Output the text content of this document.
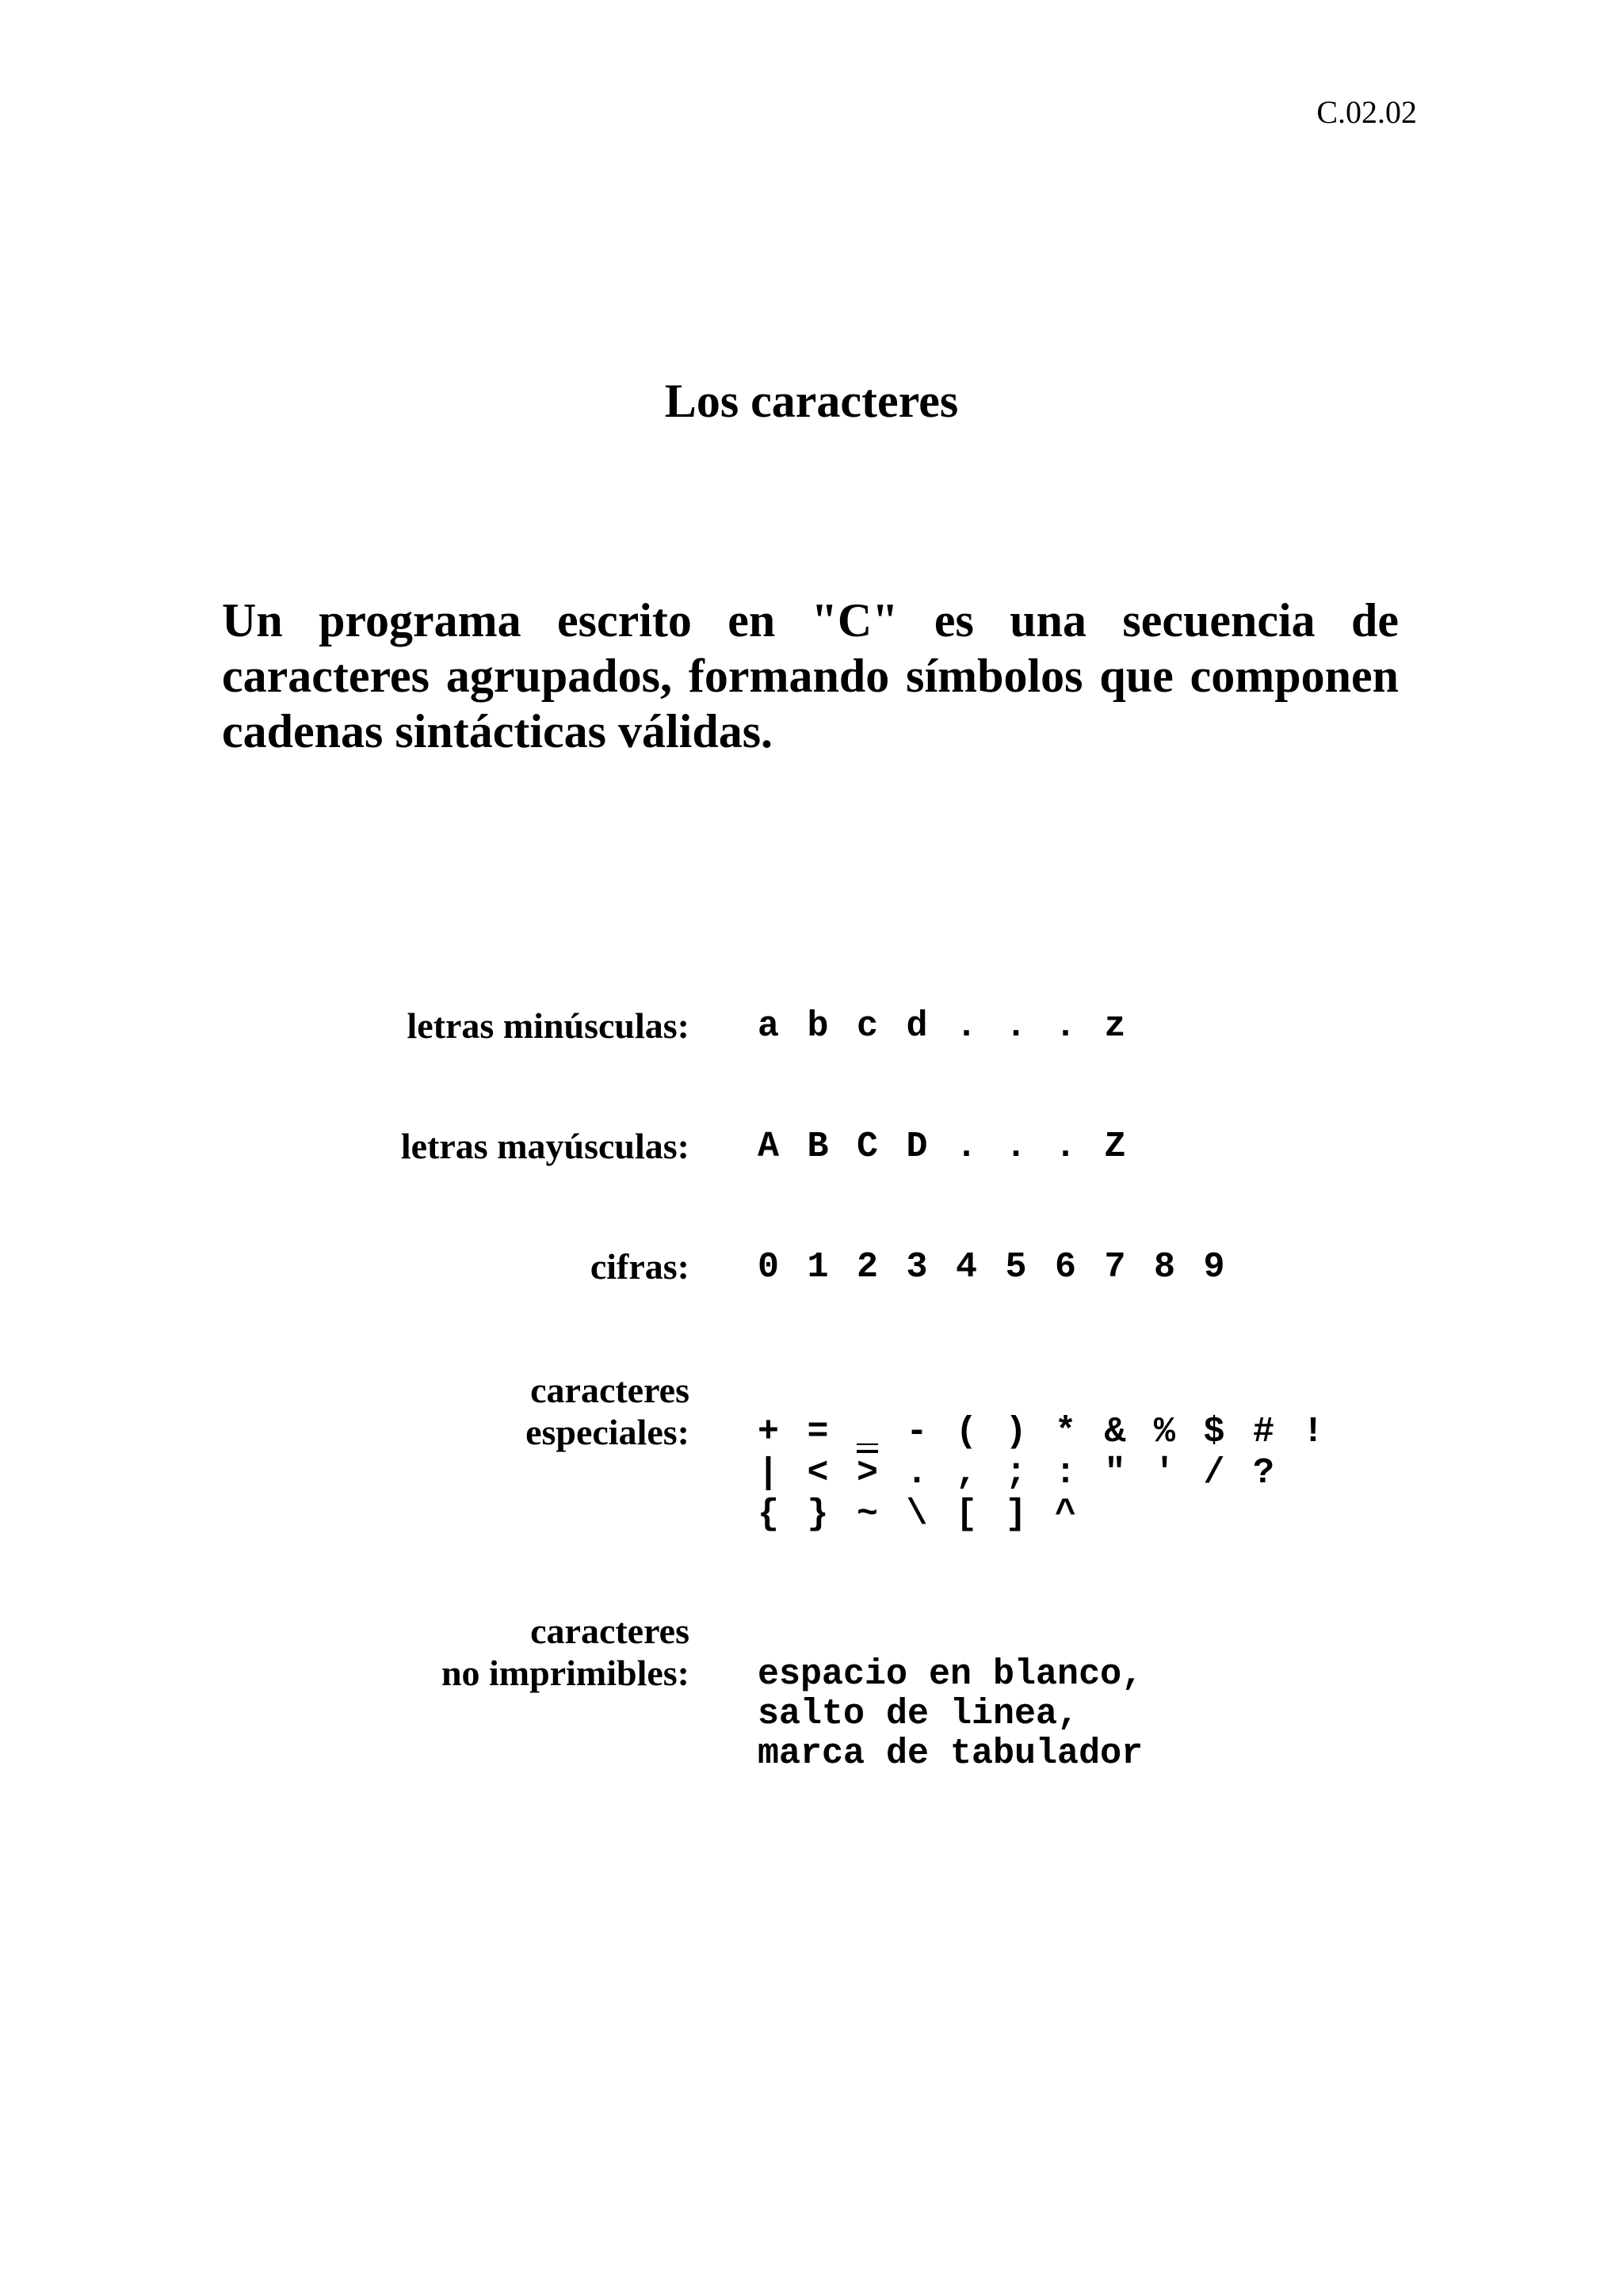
C.02.02
Los caracteres

Un programa escrito en "C" es una secuencia de caracteres agrupados, formando símbolos que componen cadenas sintácticas válidas.

letras minúsculas: a b c d . . . z
letras mayúsculas: A B C D . . . Z
cifras: 0 1 2 3 4 5 6 7 8 9
caracteres
especiales: + = _ - ( ) * & % $ # !
| < > . , ; : " ' / ?
{ } ~ \ [ ] ^
caracteres
no imprimibles: espacio en blanco,
salto de linea,
marca de tabulador
